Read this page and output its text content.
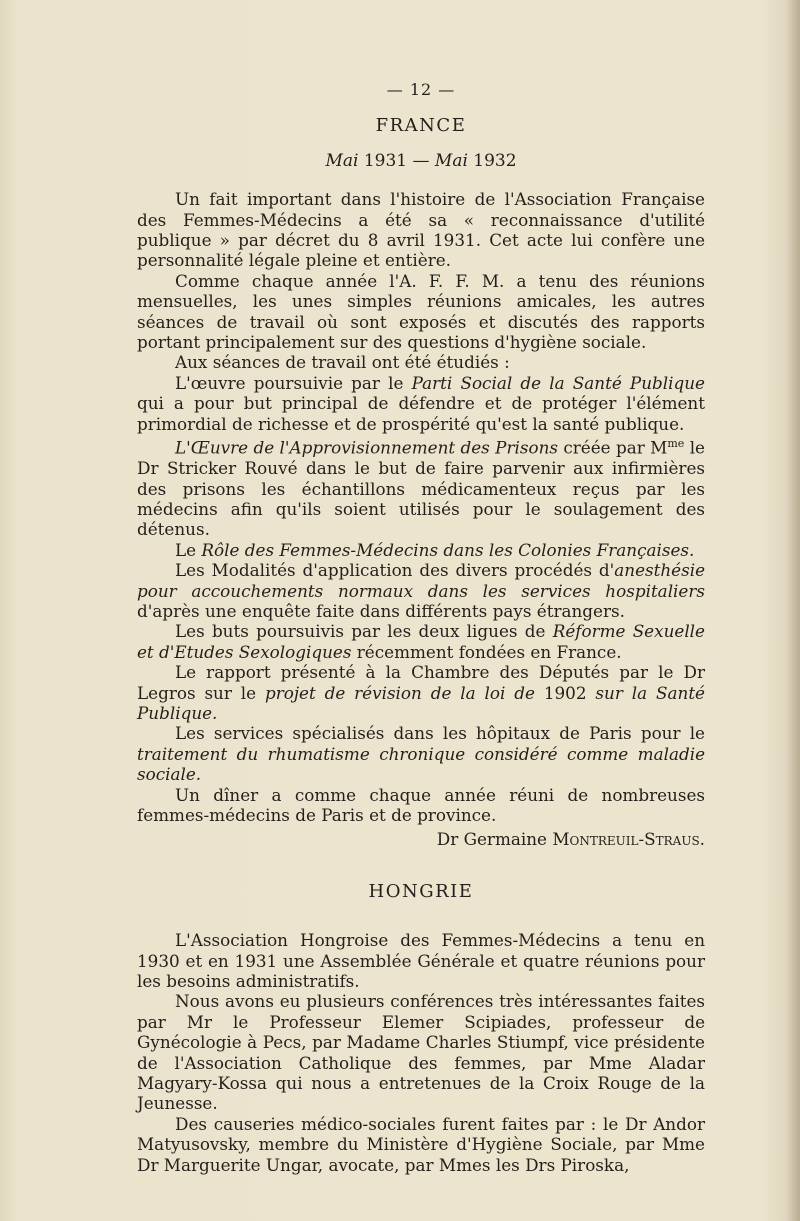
— 12 —
FRANCE
Mai 1931 — Mai 1932

Un fait important dans l'histoire de l'Association Française des Femmes-Médecins a été sa « reconnaissance d'utilité publique » par décret du 8 avril 1931. Cet acte lui confère une personnalité légale pleine et entière.

Comme chaque année l'A. F. F. M. a tenu des réunions mensuelles, les unes simples réunions amicales, les autres séances de travail où sont exposés et discutés des rapports portant principalement sur des questions d'hygiène sociale.

Aux séances de travail ont été étudiés :

L'œuvre poursuivie par le Parti Social de la Santé Publique qui a pour but principal de défendre et de protéger l'élément primordial de richesse et de prospérité qu'est la santé publique.

L'Œuvre de l'Approvisionnement des Prisons créée par $M^{me}$ le Dr Stricker Rouvé dans le but de faire parvenir aux infirmières des prisons les échantillons médicamenteux reçus par les médecins afin qu'ils soient utilisés pour le soulagement des détenus.

Le Rôle des Femmes-Médecins dans les Colonies Françaises.

Les Modalités d'application des divers procédés d'anesthésie pour accouchements normaux dans les services hospitaliers d'après une enquête faite dans différents pays étrangers.

Les buts poursuivis par les deux ligues de Réforme Sexuelle et d'Etudes Sexologiques récemment fondées en France.

Le rapport présenté à la Chambre des Députés par le Dr Legros sur le projet de révision de la loi de 1902 sur la Santé Publique.

Les services spécialisés dans les hôpitaux de Paris pour le traitement du rhumatisme chronique considéré comme maladie sociale.

Un dîner a comme chaque année réuni de nombreuses femmes-médecins de Paris et de province.

Dr Germaine Montreuil-Straus.
HONGRIE

L'Association Hongroise des Femmes-Médecins a tenu en 1930 et en 1931 une Assemblée Générale et quatre réunions pour les besoins administratifs.

Nous avons eu plusieurs conférences très intéressantes faites par Mr le Professeur Elemer Scipiades, professeur de Gynécologie à Pecs, par Madame Charles Stiumpf, vice présidente de l'Association Catholique des femmes, par Mme Aladar Magyary-Kossa qui nous a entretenues de la Croix Rouge de la Jeunesse.

Des causeries médico-sociales furent faites par : le Dr Andor Matyusovsky, membre du Ministère d'Hygiène Sociale, par Mme Dr Marguerite Ungar, avocate, par Mmes les Drs Piroska,
